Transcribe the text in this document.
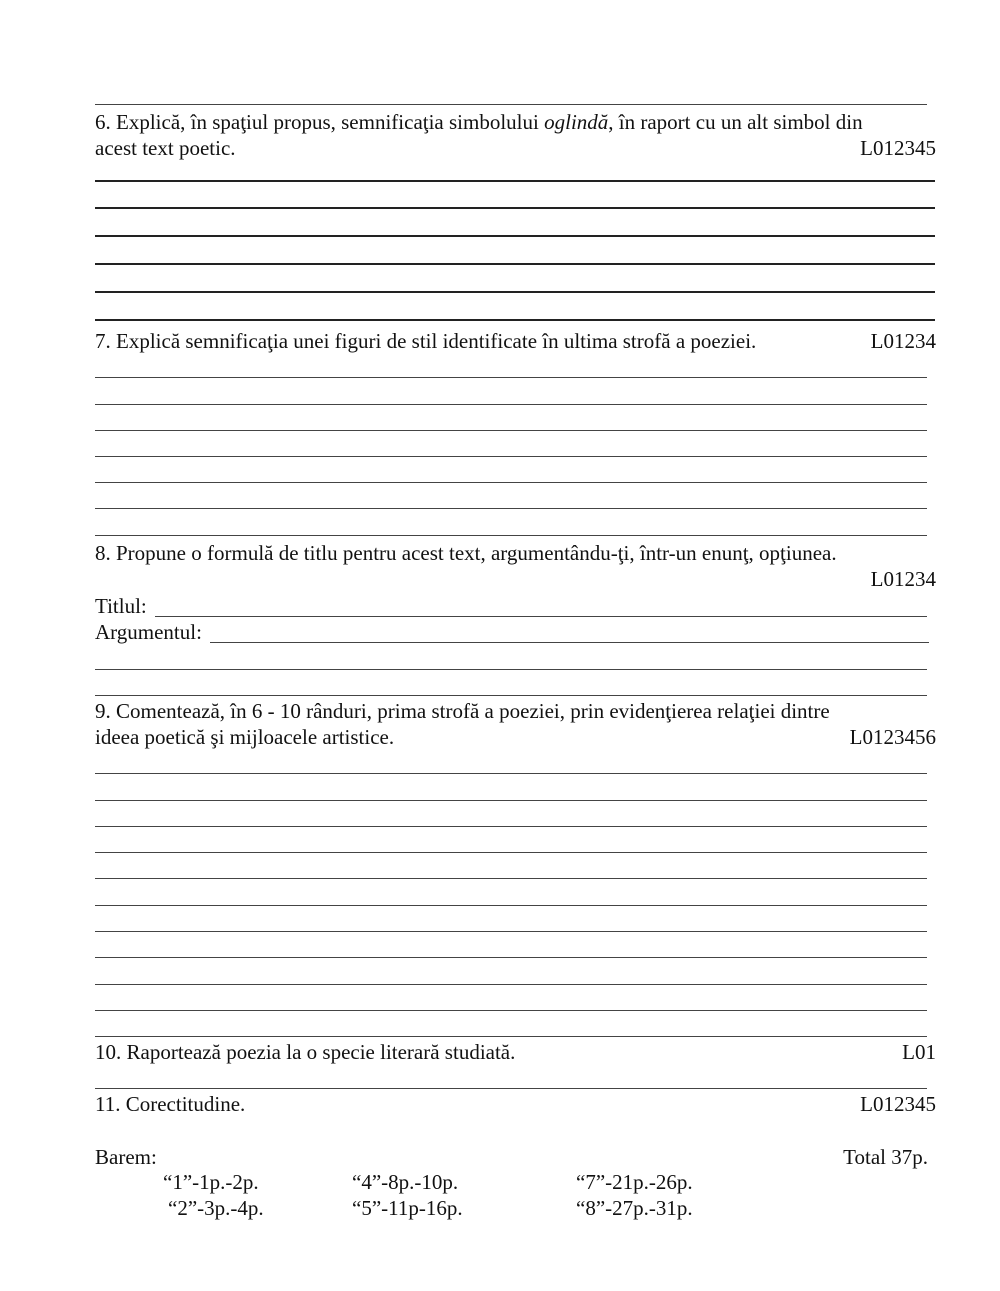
6. Explică, în spaţiul propus, semnificaţia simbolului oglindă, în raport cu un alt simbol din
acest text poetic.	L012345
7. Explică semnificaţia unei figuri de stil identificate în ultima strofă a poeziei.	L01234
8. Propune o formulă de titlu pentru acest text, argumentându-ţi, într-un enunţ, opţiunea.
L01234
Titlul:
Argumentul:
9. Comentează, în 6 - 10 rânduri, prima strofă a poeziei, prin evidenţierea relaţiei dintre
ideea poetică şi mijloacele artistice.	L0123456
10. Raportează poezia la o specie literară studiată.	L01
11. Corectitudine.	L012345
Barem:	Total 37p.
“1”-1p.-2p.	“4”-8p.-10p.	“7”-21p.-26p.
“2”-3p.-4p.	“5”-11p-16p.	“8”-27p.-31p.
